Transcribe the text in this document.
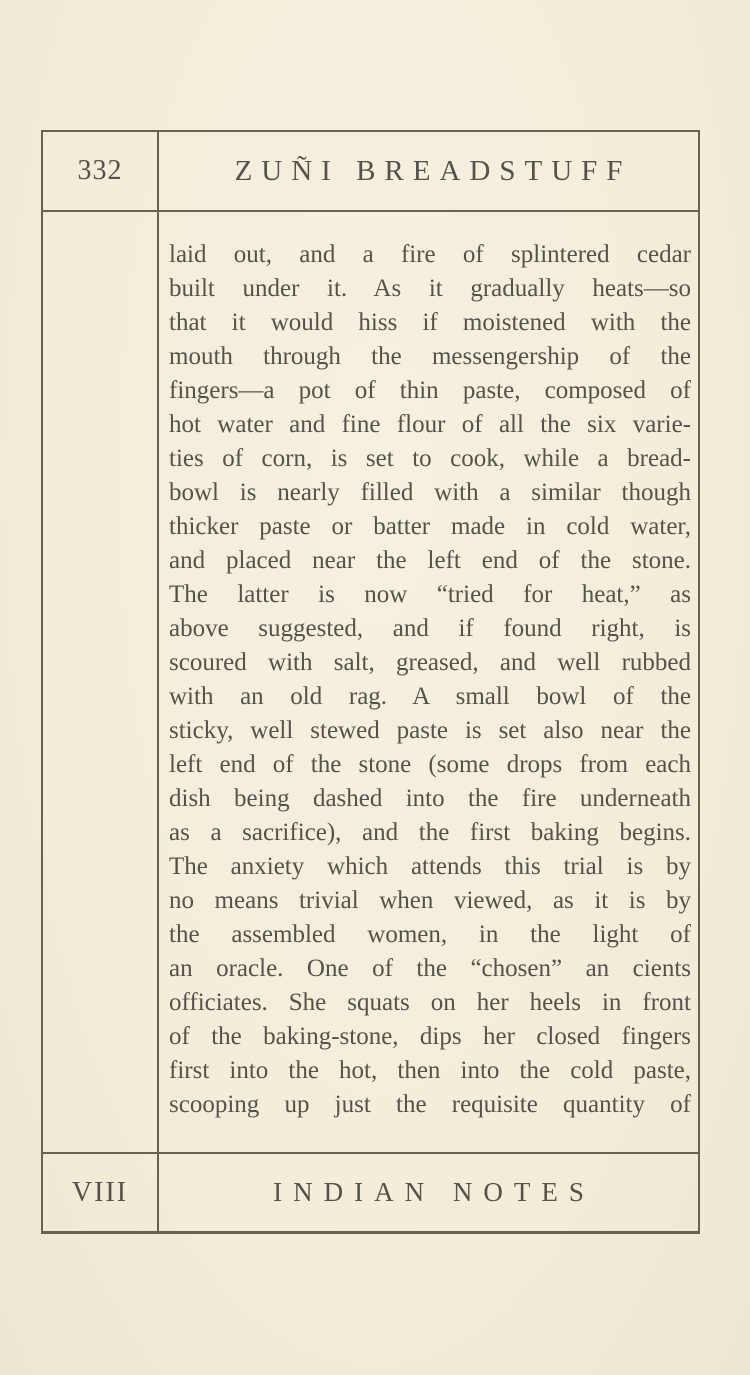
332	ZUÑI BREADSTUFF
laid out, and a fire of splintered cedar
built under it. As it gradually heats—so
that it would hiss if moistened with the
mouth through the messengership of the
fingers—a pot of thin paste, composed of
hot water and fine flour of all the six varie-
ties of corn, is set to cook, while a bread-
bowl is nearly filled with a similar though
thicker paste or batter made in cold water,
and placed near the left end of the stone.
The latter is now “tried for heat,” as
above suggested, and if found right, is
scoured with salt, greased, and well rubbed
with an old rag. A small bowl of the
sticky, well stewed paste is set also near the
left end of the stone (some drops from each
dish being dashed into the fire underneath
as a sacrifice), and the first baking begins.
The anxiety which attends this trial is by
no means trivial when viewed, as it is by
the assembled women, in the light of
an oracle. One of the “chosen” an cients
officiates. She squats on her heels in front
of the baking-stone, dips her closed fingers
first into the hot, then into the cold paste,
scooping up just the requisite quantity of
VIII	INDIAN NOTES
